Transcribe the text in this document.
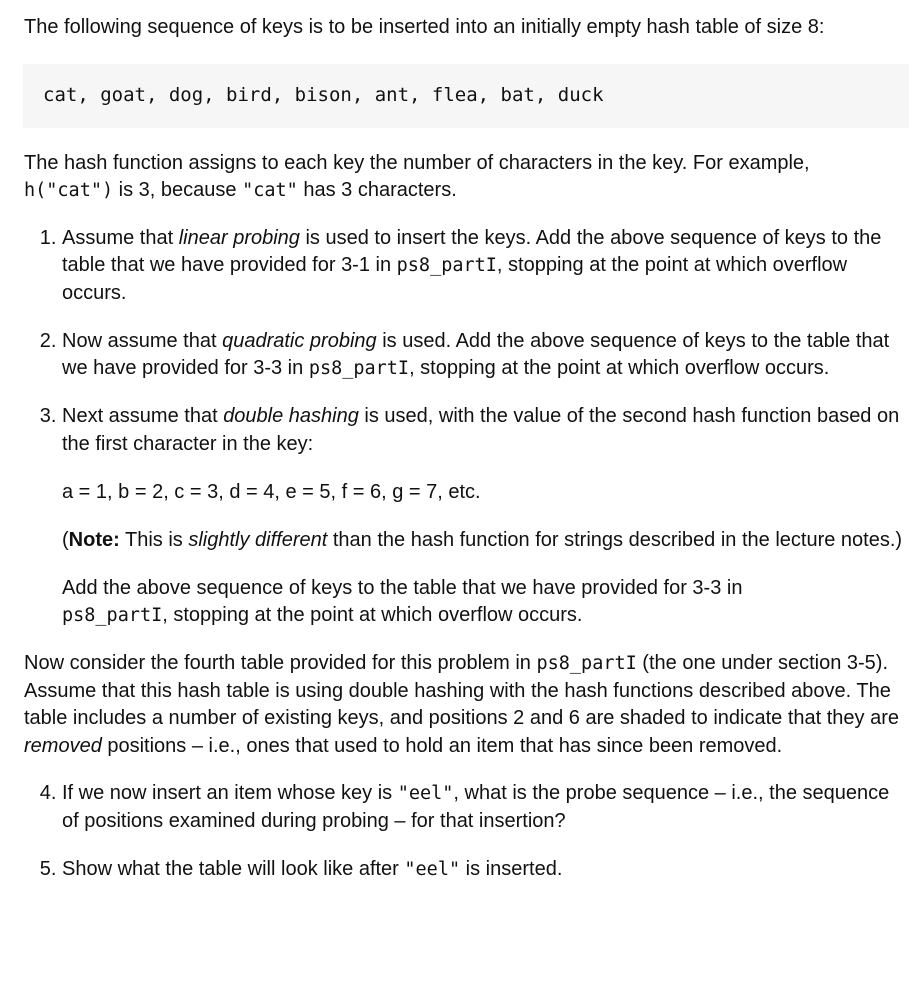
The following sequence of keys is to be inserted into an initially empty hash table of size 8:

cat, goat, dog, bird, bison, ant, flea, bat, duck

The hash function assigns to each key the number of characters in the key. For example,
h("cat") is 3, because "cat" has 3 characters.

1. Assume that linear probing is used to insert the keys. Add the above sequence of keys to the table that we have provided for 3-1 in ps8_partI, stopping at the point at which overflow occurs.
2. Now assume that quadratic probing is used. Add the above sequence of keys to the table that we have provided for 3-3 in ps8_partI, stopping at the point at which overflow occurs.

3. Next assume that double hashing is used, with the value of the second hash function based on the first character in the key:

a = 1, b = 2, c = 3, d = 4, e = 5, f = 6, g = 7, etc.

(Note: This is slightly different than the hash function for strings described in the lecture notes.)

Add the above sequence of keys to the table that we have provided for 3-3 in
ps8_partI, stopping at the point at which overflow occurs.

Now consider the fourth table provided for this problem in ps8_partI (the one under section 3-5). Assume that this hash table is using double hashing with the hash functions described above. The table includes a number of existing keys, and positions 2 and 6 are shaded to indicate that they are removed positions – i.e., ones that used to hold an item that has since been removed.

4. If we now insert an item whose key is "eel", what is the probe sequence – i.e., the sequence of positions examined during probing – for that insertion?
5. Show what the table will look like after "eel" is inserted.
